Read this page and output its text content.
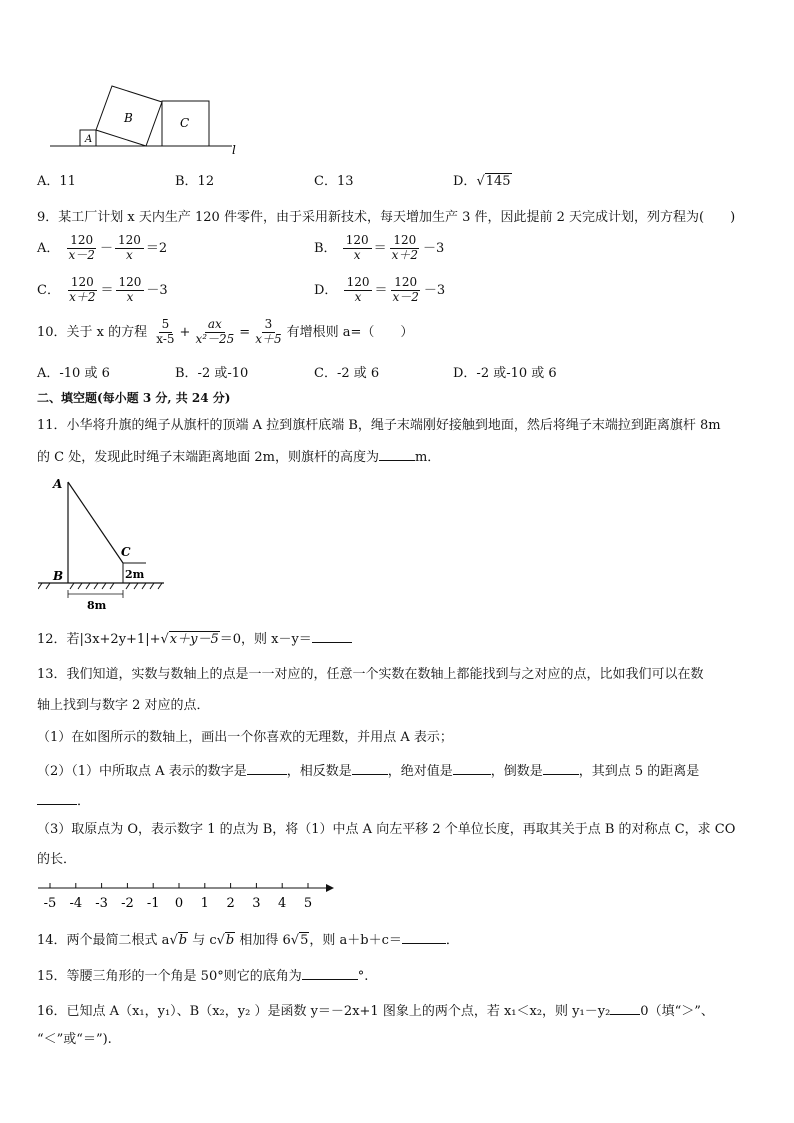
A
B	C
l
A．11	B．12	C．13	D．√145
9．某工厂计划 x 天内生产 120 件零件，由于采用新技术，每天增加生产 3 件，因此提前 2 天完成计划，列方程为(　　)
A． $\frac{120}{x-2} - \frac{120}{x} =2$	B． $\frac{120}{x} = \frac{120}{x+2} -3$
C． $\frac{120}{x+2} = \frac{120}{x} -3$	D． $\frac{120}{x} = \frac{120}{x-2} -3$
10．关于 x 的方程 $\frac{5}{x-5} + \frac{ax}{\text{x²－25}} = \frac{3}{x+5}$ 有增根则 a=（　　）
A．-10 或 6	B．-2 或-10	C．-2 或 6	D．-2 或-10 或 6
二、填空题(每小题 3 分, 共 24 分)
11．小华将升旗的绳子从旗杆的顶端 A 拉到旗杆底端 B，绳子末端刚好接触到地面，然后将绳子末端拉到距离旗杆 8m
的 C 处，发现此时绳子末端距离地面 2m，则旗杆的高度为	m．
A
B
C
2m
8m
12．若|3x+2y+1|+√x＋y－5＝0，则 x－y＝
13．我们知道，实数与数轴上的点是一一对应的，任意一个实数在数轴上都能找到与之对应的点，比如我们可以在数
轴上找到与数字 2 对应的点．
（1）在如图所示的数轴上，画出一个你喜欢的无理数，并用点 A 表示；
（2）（1）中所取点 A 表示的数字是	，相反数是	，绝对值是	，倒数是	，其到点 5 的距离是
．
（3）取原点为 O，表示数字 1 的点为 B，将（1）中点 A 向左平移 2 个单位长度，再取其关于点 B 的对称点 C，求 CO
的长．
-5 -4 -3 -2 -1 0 1 2 3 4 5
14．两个最简二根式 a√b 与 c√b 相加得 6√5，则 a＋b＋c＝	．
15．等腰三角形的一个角是 50°则它的底角为	°.
16．已知点 A（x₁，y₁）、B（x₂，y₂ ）是函数 y＝－2x+1 图象上的两个点，若 x₁＜x₂，则 y₁－y₂ 0（填“＞”、
“＜”或“＝”).
